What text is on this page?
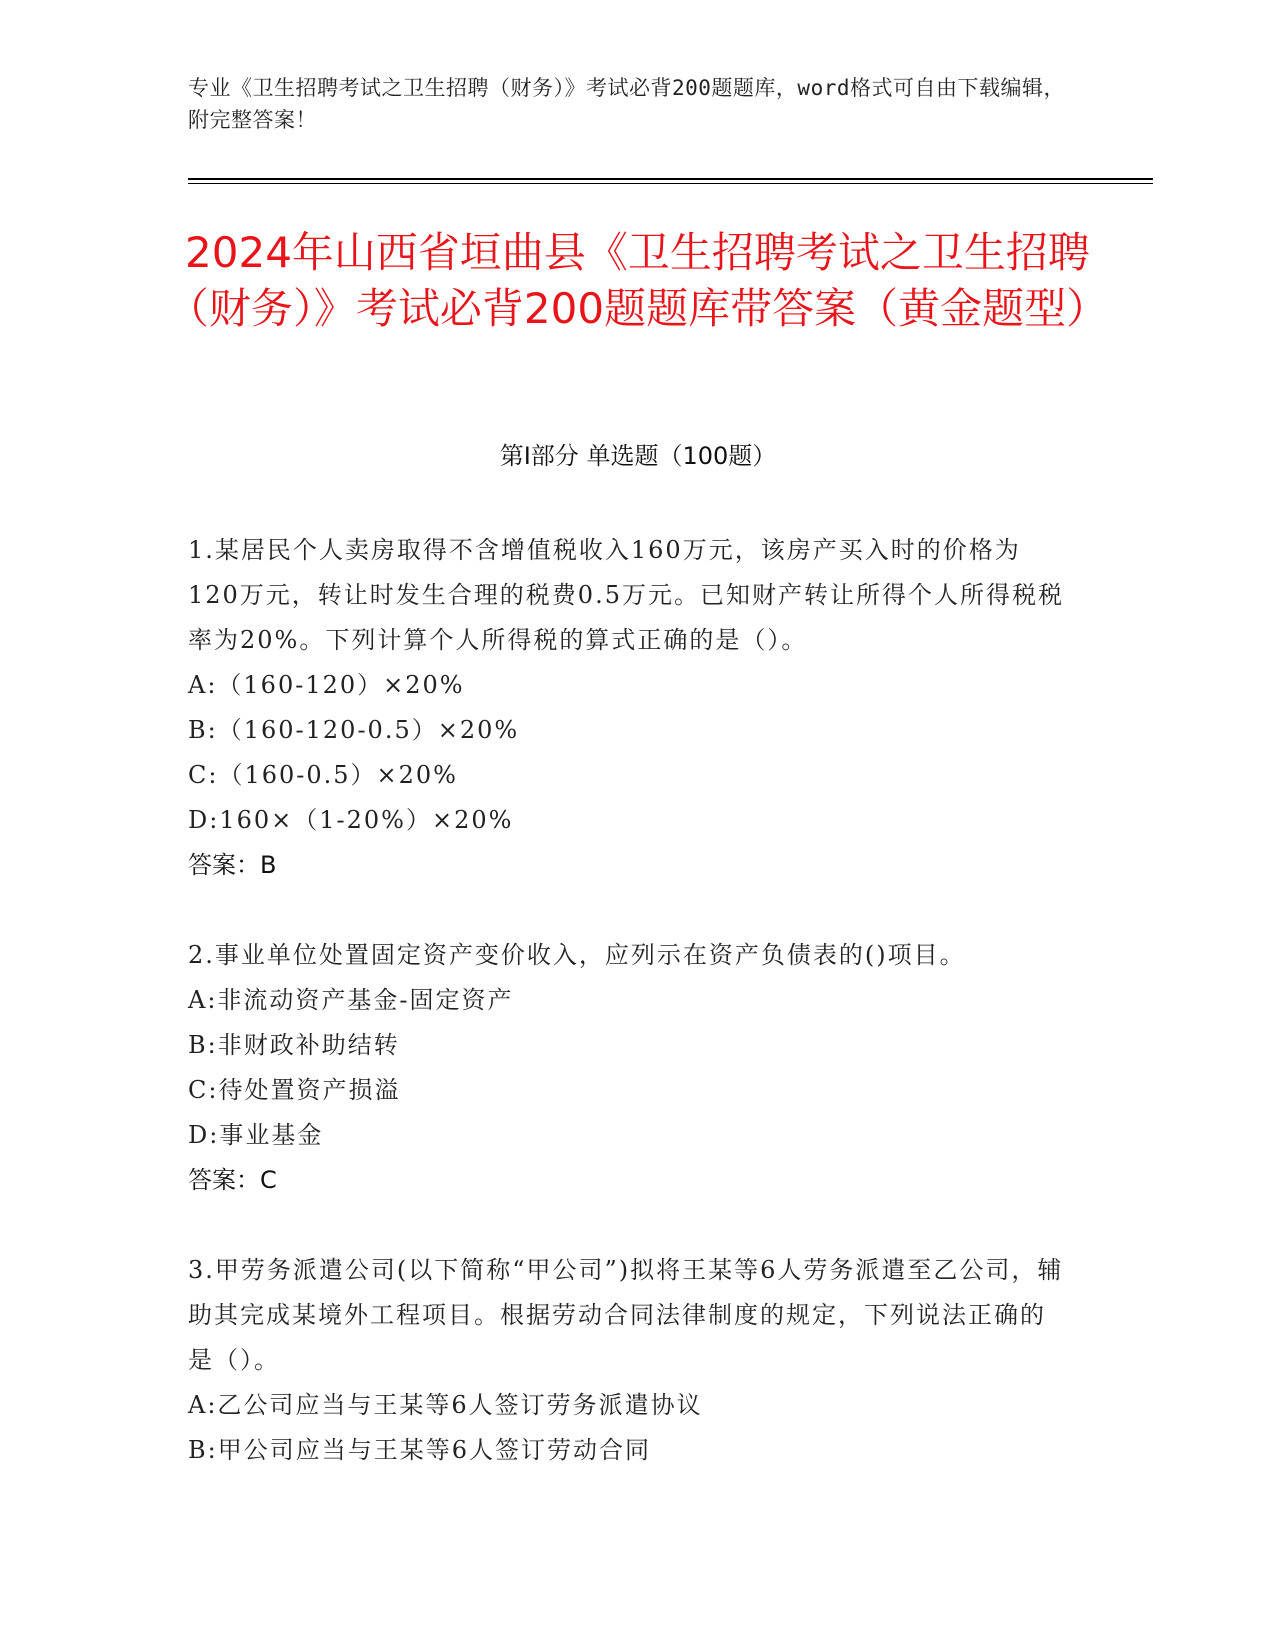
专业《卫生招聘考试之卫生招聘（财务）》考试必背200题题库，word格式可自由下载编辑，附完整答案！
2024年山西省垣曲县《卫生招聘考试之卫生招聘（财务）》考试必背200题题库带答案（黄金题型）
第Ⅰ部分 单选题（100题）

1.某居民个人卖房取得不含增值税收入160万元，该房产买入时的价格为120万元，转让时发生合理的税费0.5万元。已知财产转让所得个人所得税税率为20%。下列计算个人所得税的算式正确的是（）。

A:（160-120）×20%

B:（160-120-0.5）×20%

C:（160-0.5）×20%

D:160×（1-20%）×20%

答案：B

2.事业单位处置固定资产变价收入，应列示在资产负债表的()项目。

A:非流动资产基金-固定资产

B:非财政补助结转

C:待处置资产损溢

D:事业基金

答案：C

3.甲劳务派遣公司(以下简称“甲公司”)拟将王某等6人劳务派遣至乙公司，辅助其完成某境外工程项目。根据劳动合同法律制度的规定，下列说法正确的是（）。

A:乙公司应当与王某等6人签订劳务派遣协议

B:甲公司应当与王某等6人签订劳动合同
